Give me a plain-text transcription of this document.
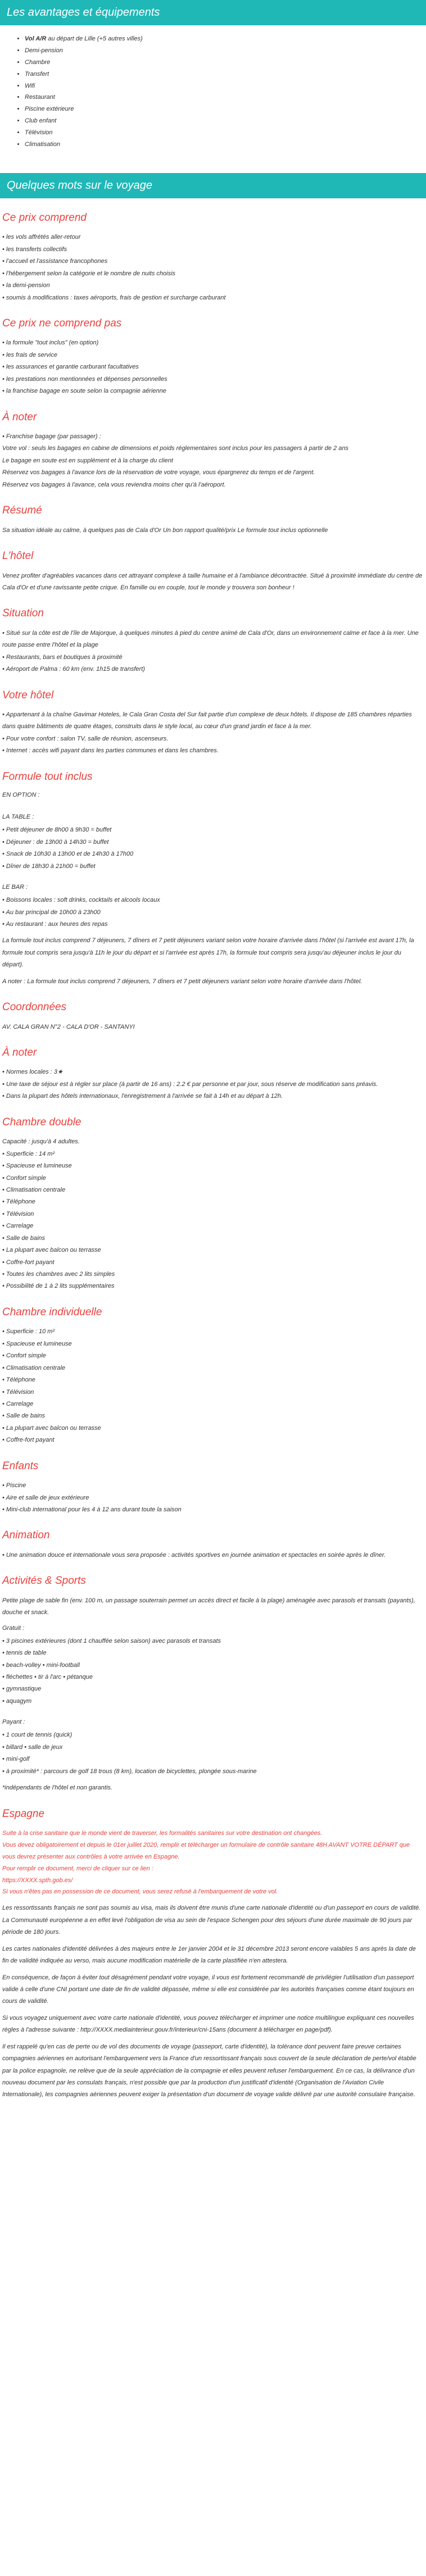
Les avantages et équipements
• Vol A/R au départ de Lille (+5 autres villes)
• Demi-pension
• Chambre
• Transfert
• Wifi
• Restaurant
• Piscine extérieure
• Club enfant
• Télévision
• Climatisation
Quelques mots sur le voyage
Ce prix comprend

• les vols affrétés aller-retour

• les transferts collectifs

• l'accueil et l'assistance francophones

• l'hébergement selon la catégorie et le nombre de nuits choisis

• la demi-pension

• soumis à modifications : taxes aéroports, frais de gestion et surcharge carburant

Ce prix ne comprend pas

• la formule "tout inclus" (en option)

• les frais de service

• les assurances et garantie carburant facultatives

• les prestations non mentionnées et dépenses personnelles

• la franchise bagage en soute selon la compagnie aérienne

À noter

• Franchise bagage (par passager) :

Votre vol : seuls les bagages en cabine de dimensions et poids réglementaires sont inclus pour les passagers à partir de 2 ans

Le bagage en soute est en supplément et à la charge du client

Réservez vos bagages à l'avance lors de la réservation de votre voyage, vous épargnerez du temps et de l'argent.

Réservez vos bagages à l'avance, cela vous reviendra moins cher qu'à l'aéroport.

Résumé

Sa situation idéale au calme, à quelques pas de Cala d'Or Un bon rapport qualité/prix Le formule tout inclus optionnelle

L'hôtel

Venez profiter d'agréables vacances dans cet attrayant complexe à taille humaine et à l'ambiance décontractée. Situé à proximité immédiate du centre de Cala d'Or et d'une ravissante petite crique. En famille ou en couple, tout le monde y trouvera son bonheur !

Situation

• Situé sur la côte est de l'île de Majorque, à quelques minutes à pied du centre animé de Cala d'Or, dans un environnement calme et face à la mer. Une route passe entre l'hôtel et la plage

• Restaurants, bars et boutiques à proximité

• Aéroport de Palma : 60 km (env. 1h15 de transfert)

Votre hôtel

• Appartenant à la chaîne Gavimar Hoteles, le Cala Gran Costa del Sur fait partie d'un complexe de deux hôtels. Il dispose de 185 chambres réparties dans quatre bâtiments de quatre étages, construits dans le style local, au cœur d'un grand jardin et face à la mer.

• Pour votre confort : salon TV, salle de réunion, ascenseurs.

• Internet : accès wifi payant dans les parties communes et dans les chambres.

Formule tout inclus

EN OPTION :

LA TABLE :

• Petit déjeuner de 8h00 à 9h30 = buffet

• Déjeuner : de 13h00 à 14h30 = buffet

• Snack de 10h30 à 13h00 et de 14h30 à 17h00

• Dîner de 18h30 à 21h00 = buffet

LE BAR :

• Boissons locales : soft drinks, cocktails et alcools locaux

• Au bar principal de 10h00 à 23h00

• Au restaurant : aux heures des repas

La formule tout inclus comprend 7 déjeuners, 7 dîners et 7 petit déjeuners variant selon votre horaire d'arrivée dans l'hôtel (si l'arrivée est avant 17h, la formule tout compris sera jusqu'à 11h le jour du départ et si l'arrivée est après 17h, la formule tout compris sera jusqu'au déjeuner inclus le jour du départ).

A noter : La formule tout inclus comprend 7 déjeuners, 7 dîners et 7 petit déjeuners variant selon votre horaire d'arrivée dans l'hôtel.

Coordonnées

AV. CALA GRAN N°2 - CALA D'OR - SANTANYI

À noter

• Normes locales : 3★

• Une taxe de séjour est à régler sur place (à partir de 16 ans) : 2.2 € par personne et par jour, sous réserve de modification sans préavis.

• Dans la plupart des hôtels internationaux, l'enregistrement à l'arrivée se fait à 14h et au départ à 12h.

Chambre double

Capacité : jusqu'à 4 adultes.

• Superficie : 14 m²

• Spacieuse et lumineuse

• Confort simple

• Climatisation centrale

• Téléphone

• Télévision

• Carrelage

• Salle de bains

• La plupart avec balcon ou terrasse

• Coffre-fort payant

• Toutes les chambres avec 2 lits simples

• Possibilité de 1 à 2 lits supplémentaires

Chambre individuelle

• Superficie : 10 m²

• Spacieuse et lumineuse

• Confort simple

• Climatisation centrale

• Téléphone

• Télévision

• Carrelage

• Salle de bains

• La plupart avec balcon ou terrasse

• Coffre-fort payant

Enfants

• Piscine

• Aire et salle de jeux extérieure

• Mini-club international pour les 4 à 12 ans durant toute la saison

Animation

• Une animation douce et internationale vous sera proposée : activités sportives en journée animation et spectacles en soirée après le dîner.

Activités & Sports

Petite plage de sable fin (env. 100 m, un passage souterrain permet un accès direct et facile à la plage) aménagée avec parasols et transats (payants), douche et snack.

Gratuit :

• 3 piscines extérieures (dont 1 chauffée selon saison) avec parasols et transats

• tennis de table

• beach-volley • mini-football

• fléchettes • tir à l'arc • pétanque

• gymnastique

• aquagym

Payant :

• 1 court de tennis (quick)

• billard • salle de jeux

• mini-golf

• à proximité* : parcours de golf 18 trous (8 km), location de bicyclettes, plongée sous-marine

*indépendants de l'hôtel et non garantis.

Espagne

Suite à la crise sanitaire que le monde vient de traverser, les formalités sanitaires sur votre destination ont changées.

Vous devez obligatoirement et depuis le 01er juillet 2020, remplir et télécharger un formulaire de contrôle sanitaire 48H AVANT VOTRE DÉPART que vous devrez présenter aux contrôles à votre arrivée en Espagne.

Pour remplir ce document, merci de cliquer sur ce lien :

https://XXXX.spth.gob.es/

Si vous n'êtes pas en possession de ce document, vous serez refusé à l'embarquement de votre vol.

Les ressortissants français ne sont pas soumis au visa, mais ils doivent être munis d'une carte nationale d'identité ou d'un passeport en cours de validité. La Communauté européenne a en effet levé l'obligation de visa au sein de l'espace Schengen pour des séjours d'une durée maximale de 90 jours par période de 180 jours.

Les cartes nationales d'identité délivrées à des majeurs entre le 1er janvier 2004 et le 31 décembre 2013 seront encore valables 5 ans après la date de fin de validité indiquée au verso, mais aucune modification matérielle de la carte plastifiée n'en attestera.

En conséquence, de façon à éviter tout désagrément pendant votre voyage, il vous est fortement recommandé de privilégier l'utilisation d'un passeport valide à celle d'une CNI portant une date de fin de validité dépassée, même si elle est considérée par les autorités françaises comme étant toujours en cours de validité.

Si vous voyagez uniquement avec votre carte nationale d'identité, vous pouvez télécharger et imprimer une notice multilingue expliquant ces nouvelles règles à l'adresse suivante : http://XXXX.mediainterieur.gouv.fr/interieur/cni-15ans (document à télécharger en page/pdf).

Il est rappelé qu'en cas de perte ou de vol des documents de voyage (passeport, carte d'identité), la tolérance dont peuvent faire preuve certaines compagnies aériennes en autorisant l'embarquement vers la France d'un ressortissant français sous couvert de la seule déclaration de perte/vol établie par la police espagnole, ne relève que de la seule appréciation de la compagnie et elles peuvent refuser l'embarquement. En ce cas, la délivrance d'un nouveau document par les consulats français, n'est possible que par la production d'un justificatif d'identité (Organisation de l'Aviation Civile Internationale), les compagnies aériennes peuvent exiger la présentation d'un document de voyage valide délivré par une autorité consulaire française.
